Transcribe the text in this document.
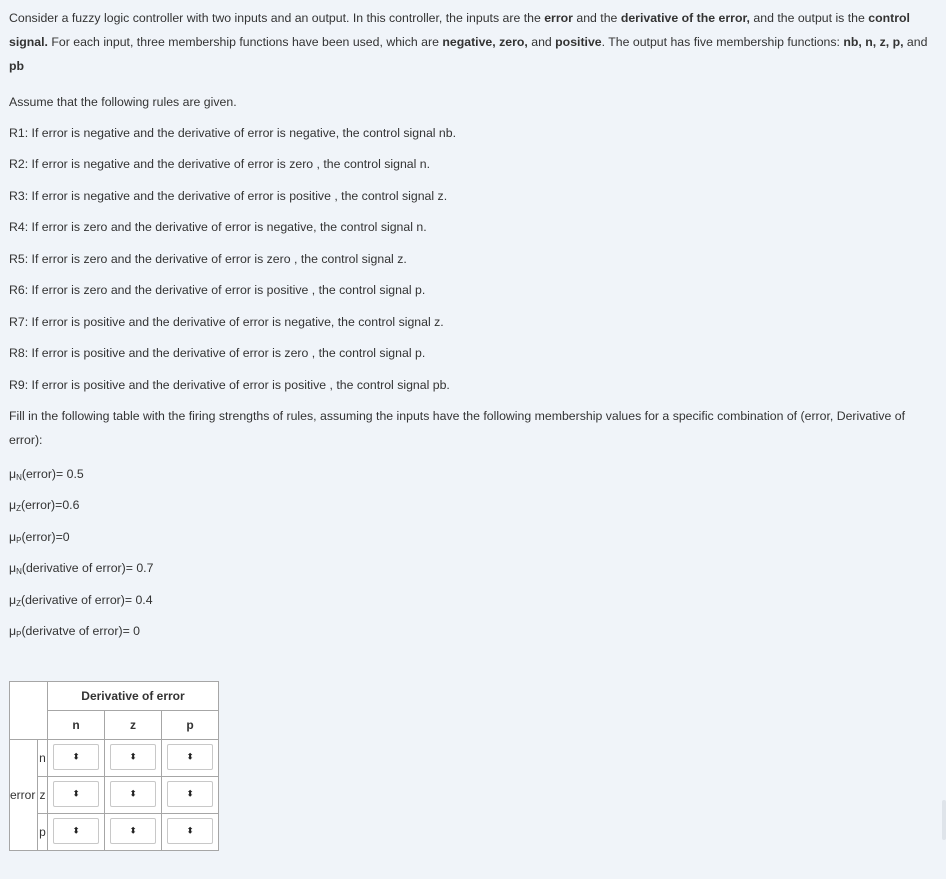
Consider a fuzzy logic controller with two inputs and an output. In this controller, the inputs are the error and the derivative of the error, and the output is the control signal. For each input, three membership functions have been used, which are negative, zero, and positive. The output has five membership functions: nb, n, z, p, and pb

Assume that the following rules are given.

R1: If error is negative and the derivative of error is negative, the control signal nb.

R2: If error is negative and the derivative of error is zero , the control signal n.

R3: If error is negative and the derivative of error is positive , the control signal z.

R4: If error is zero and the derivative of error is negative, the control signal n.

R5: If error is zero and the derivative of error is zero , the control signal z.

R6: If error is zero and the derivative of error is positive , the control signal p.

R7: If error is positive and the derivative of error is negative, the control signal z.

R8: If error is positive and the derivative of error is zero , the control signal p.

R9: If error is positive and the derivative of error is positive , the control signal pb.

Fill in the following table with the firing strengths of rules, assuming the inputs have the following membership values for a specific combination of (error, Derivative of error):

$\mu_N(error)= 0.5$

$\mu_Z(error)=0.6$

$\mu_P(error)=0$

$\mu_N(derivative$ of error)= 0.7

$\mu_Z(derivative$ of error)= 0.4

$\mu_P(derivatve$ of error)= 0

		Derivative of error		
		n	z	p
error	n	⬍	⬍	⬍

	z	⬍	⬍	⬍

	p	⬍	⬍	⬍
